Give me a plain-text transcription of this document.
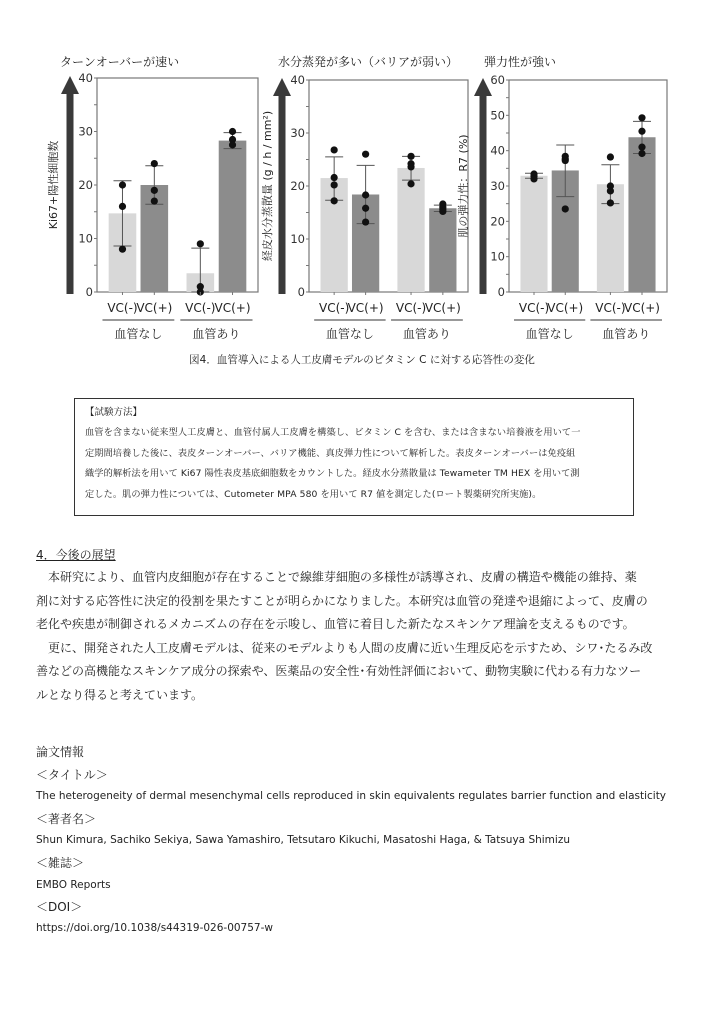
ターンオーバーが速い
Ki67+陽性細胞数
0
10
20
30
40
VC(-)
VC(+) VC(-) VC(+)
血管なし	血管あり
水分蒸発が多い（バリアが弱い）
経皮水分蒸散量 (g / h / mm²)
0
10
20
30
40
VC(-)
VC(+) VC(-)
VC(+)
血管なし 血管あり
弾力性が強い
肌の弾力性：R7 (%)
0
10
20
30
40
50
60
VC(-)
VC(+) VC(-)
VC(+)
血管なし 血管あり
図4．血管導入による人工皮膚モデルのビタミン C に対する応答性の変化
【試験方法】
血管を含まない従来型人工皮膚と、血管付属人工皮膚を構築し、ビタミン C を含む、または含まない培養液を用いて一
定期間培養した後に、表皮ターンオーバー、バリア機能、真皮弾力性について解析した。表皮ターンオーバーは免疫組
織学的解析法を用いて Ki67 陽性表皮基底細胞数をカウントした。経皮水分蒸散量は Tewameter TM HEX を用いて測
定した。肌の弾力性については、Cutometer MPA 580 を用いて R7 値を測定した(ロート製薬研究所実施)。
4．今後の展望
　本研究により、血管内皮細胞が存在することで線維芽細胞の多様性が誘導され、皮膚の構造や機能の維持、薬
剤に対する応答性に決定的役割を果たすことが明らかになりました。本研究は血管の発達や退縮によって、皮膚の
老化や疾患が制御されるメカニズムの存在を示唆し、血管に着目した新たなスキンケア理論を支えるものです。
　更に、開発された人工皮膚モデルは、従来のモデルよりも人間の皮膚に近い生理反応を示すため、シワ･たるみ改
善などの高機能なスキンケア成分の探索や、医薬品の安全性･有効性評価において、動物実験に代わる有力なツー
ルとなり得ると考えています。
論文情報
＜タイトル＞
The heterogeneity of dermal mesenchymal cells reproduced in skin equivalents regulates barrier function and elasticity
＜著者名＞
Shun Kimura, Sachiko Sekiya, Sawa Yamashiro, Tetsutaro Kikuchi, Masatoshi Haga, & Tatsuya Shimizu
＜雑誌＞
EMBO Reports
＜DOI＞
https://doi.org/10.1038/s44319-026-00757-w
